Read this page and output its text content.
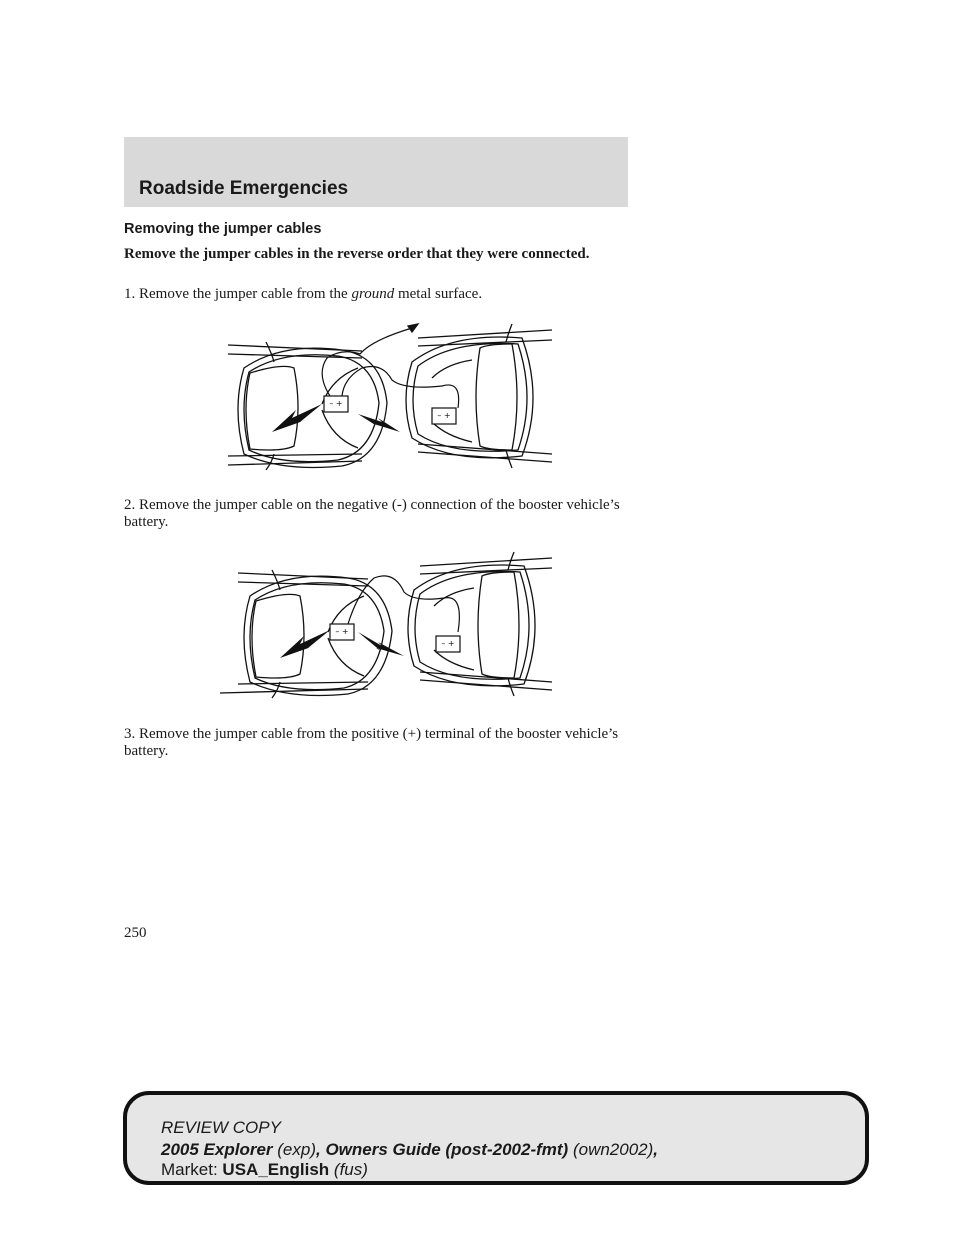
Roadside Emergencies
Removing the jumper cables
Remove the jumper cables in the reverse order that they were connected.
1. Remove the jumper cable from the ground metal surface.
– +
– +
2. Remove the jumper cable on the negative (-) connection of the booster vehicle’s battery.
– +
– +
3. Remove the jumper cable from the positive (+) terminal of the booster vehicle’s battery.
250
REVIEW COPY
2005 Explorer (exp), Owners Guide (post-2002-fmt) (own2002),
Market: USA_English (fus)
